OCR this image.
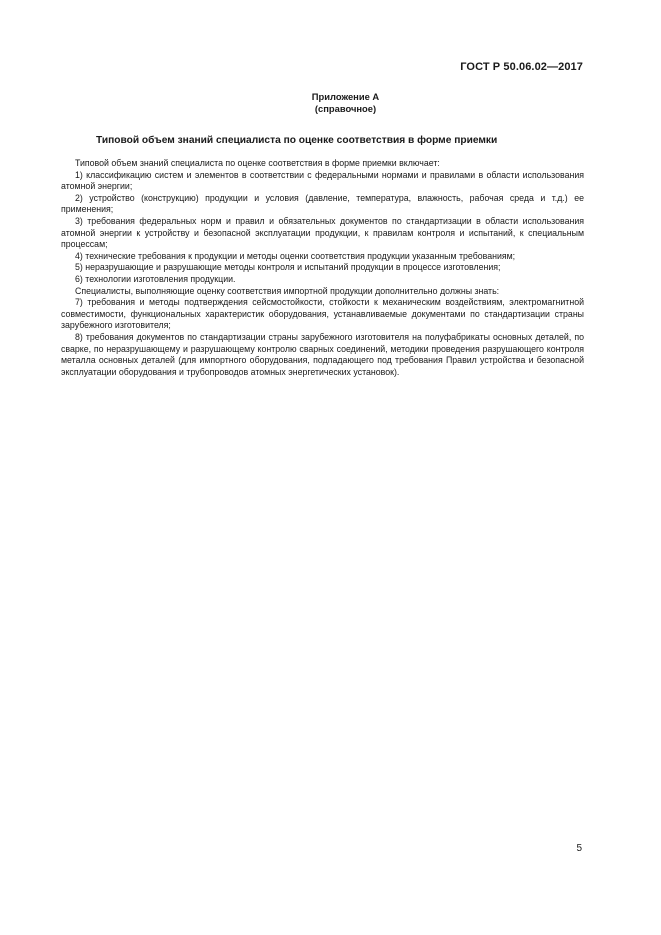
ГОСТ Р 50.06.02—2017
Приложение А
(справочное)
Типовой объем знаний специалиста по оценке соответствия в форме приемки

Типовой объем знаний специалиста по оценке соответствия в форме приемки включает:

1) классификацию систем и элементов в соответствии с федеральными нормами и правилами в области использования атомной энергии;

2) устройство (конструкцию) продукции и условия (давление, температура, влажность, рабочая среда и т.д.) ее применения;

3) требования федеральных норм и правил и обязательных документов по стандартизации в области использования атомной энергии к устройству и безопасной эксплуатации продукции, к правилам контроля и испытаний, к специальным процессам;

4) технические требования к продукции и методы оценки соответствия продукции указанным требованиям;

5) неразрушающие и разрушающие методы контроля и испытаний продукции в процессе изготовления;

6) технологии изготовления продукции.

Специалисты, выполняющие оценку соответствия импортной продукции дополнительно должны знать:

7) требования и методы подтверждения сейсмостойкости, стойкости к механическим воздействиям, электромагнитной совместимости, функциональных характеристик оборудования, устанавливаемые документами по стандартизации страны зарубежного изготовителя;

8) требования документов по стандартизации страны зарубежного изготовителя на полуфабрикаты основных деталей, по сварке, по неразрушающему и разрушающему контролю сварных соединений, методики проведения разрушающего контроля металла основных деталей (для импортного оборудования, подпадающего под требования Правил устройства и безопасной эксплуатации оборудования и трубопроводов атомных энергетических установок).

5
